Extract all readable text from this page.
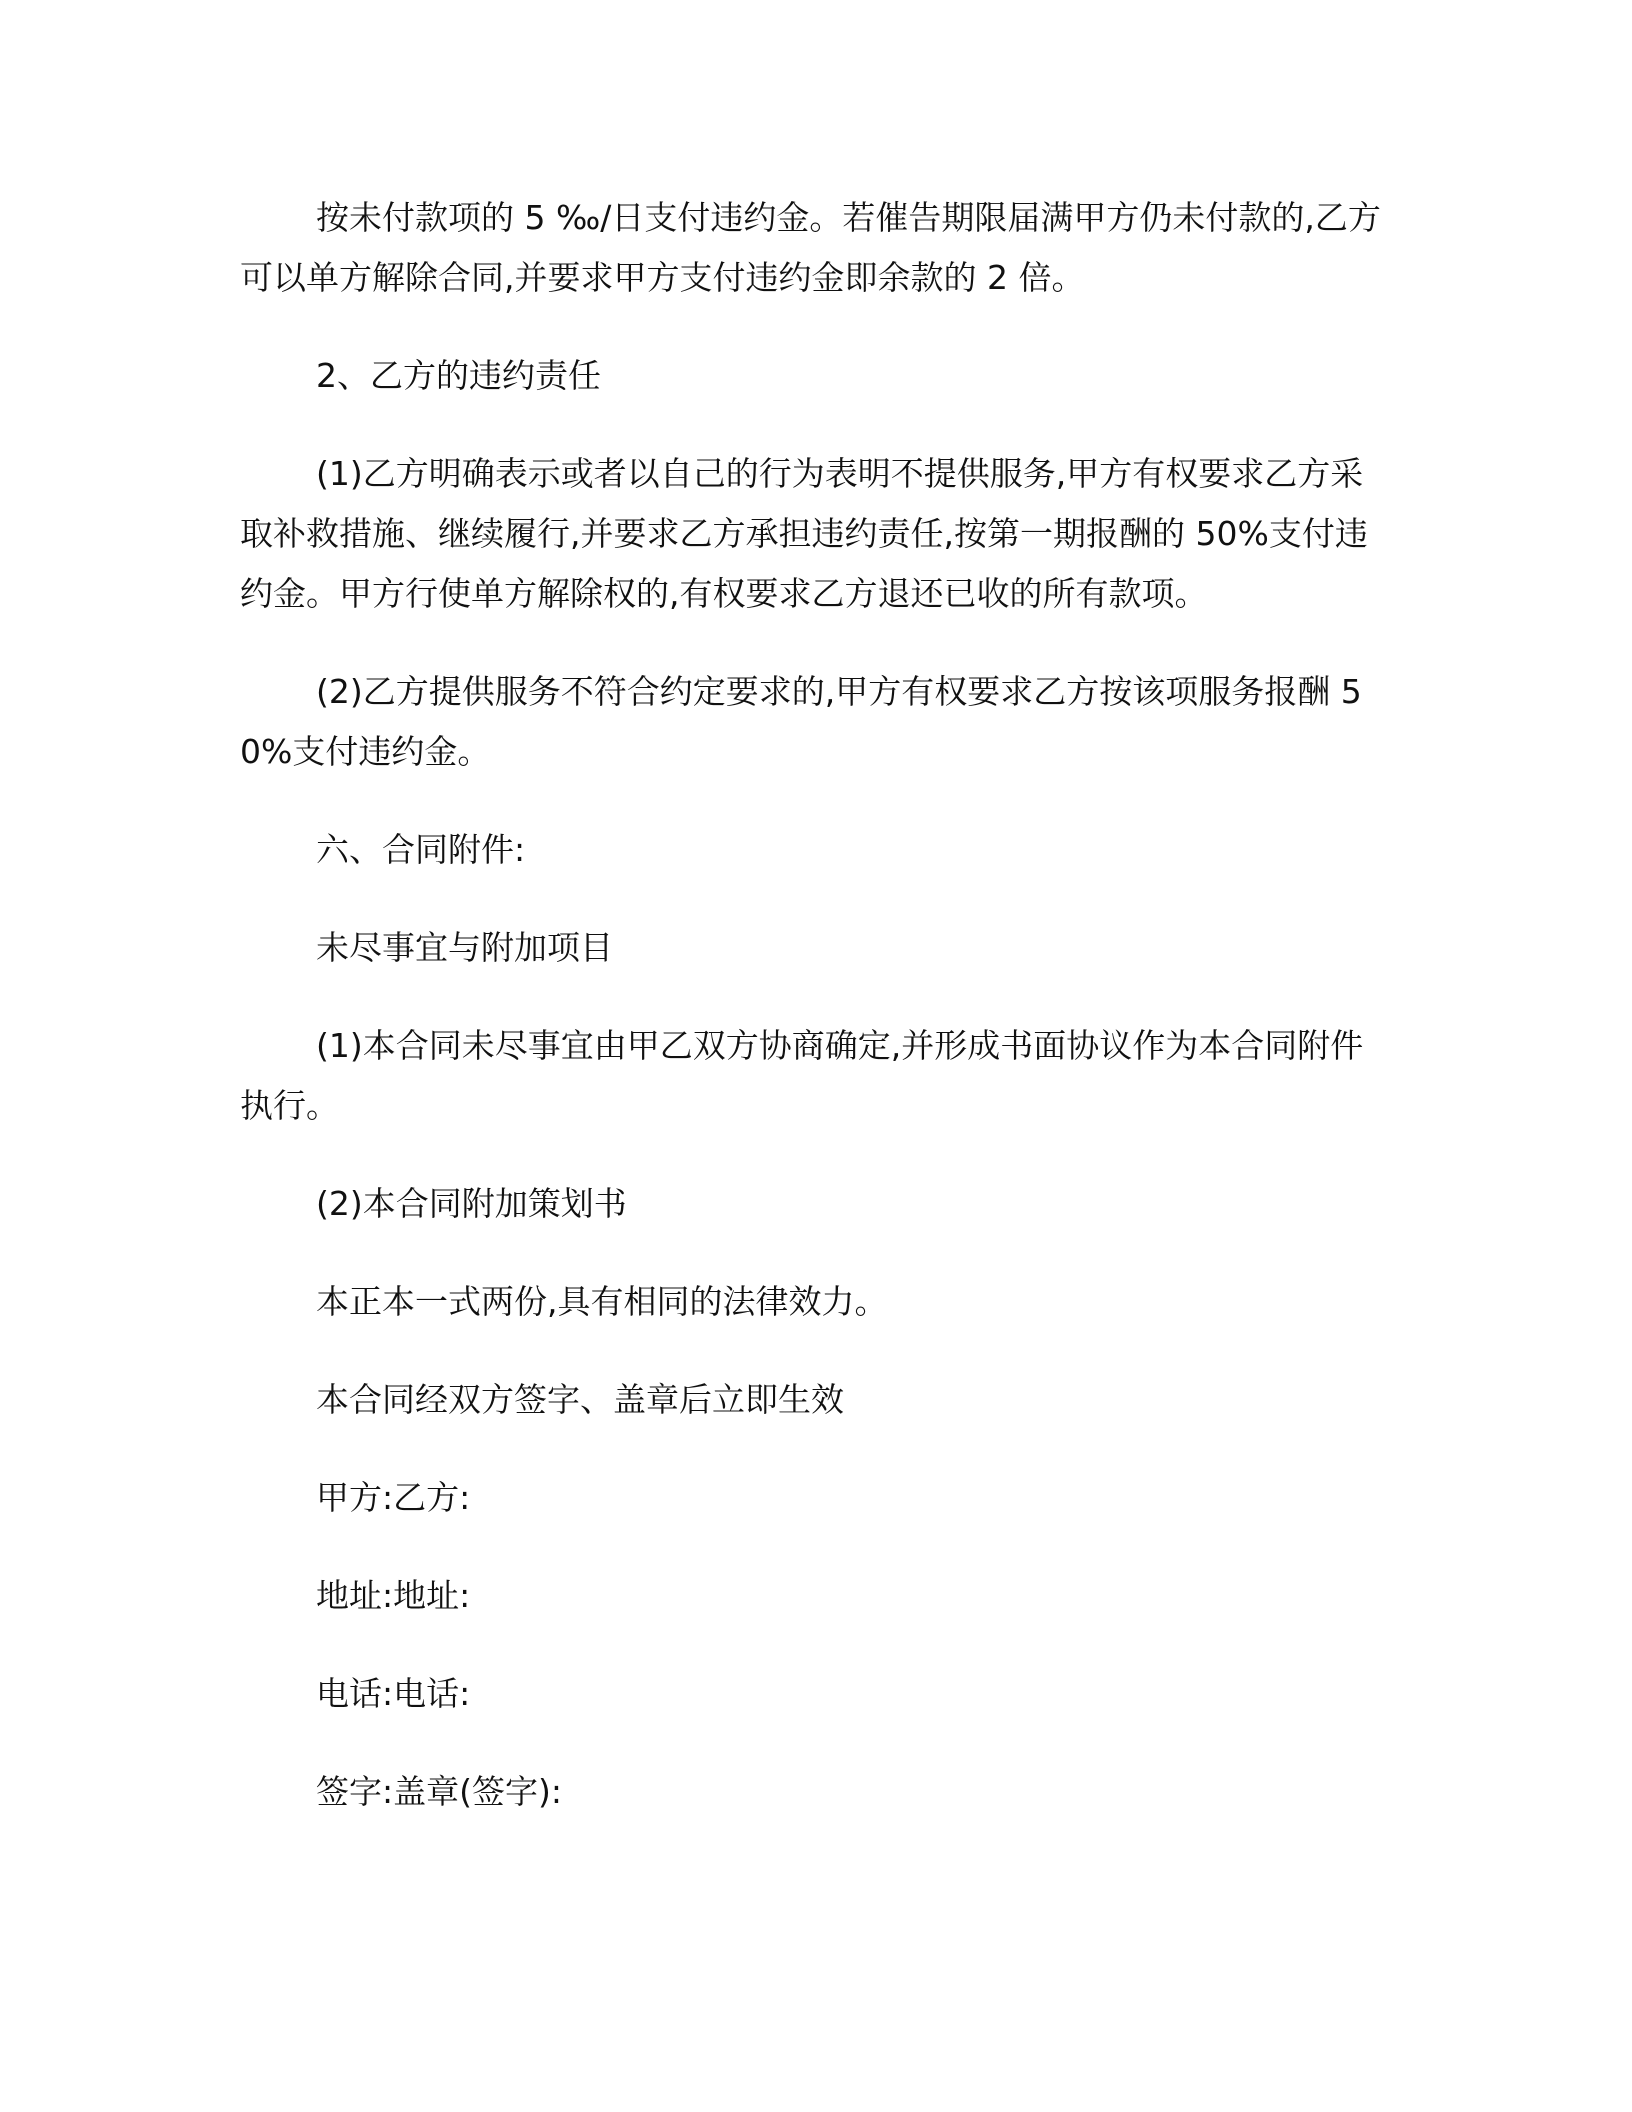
按未付款项的 5 ‰/日支付违约金。若催告期限届满甲方仍未付款的,乙方可以单方解除合同,并要求甲方支付违约金即余款的 2 倍。

2、乙方的违约责任

(1)乙方明确表示或者以自己的行为表明不提供服务,甲方有权要求乙方采取补救措施、继续履行,并要求乙方承担违约责任,按第一期报酬的 50%支付违约金。甲方行使单方解除权的,有权要求乙方退还已收的所有款项。

(2)乙方提供服务不符合约定要求的,甲方有权要求乙方按该项服务报酬 50%支付违约金。

六、合同附件:

未尽事宜与附加项目

(1)本合同未尽事宜由甲乙双方协商确定,并形成书面协议作为本合同附件执行。

(2)本合同附加策划书

本正本一式两份,具有相同的法律效力。

本合同经双方签字、盖章后立即生效

甲方:乙方:

地址:地址:

电话:电话:

签字:盖章(签字):
